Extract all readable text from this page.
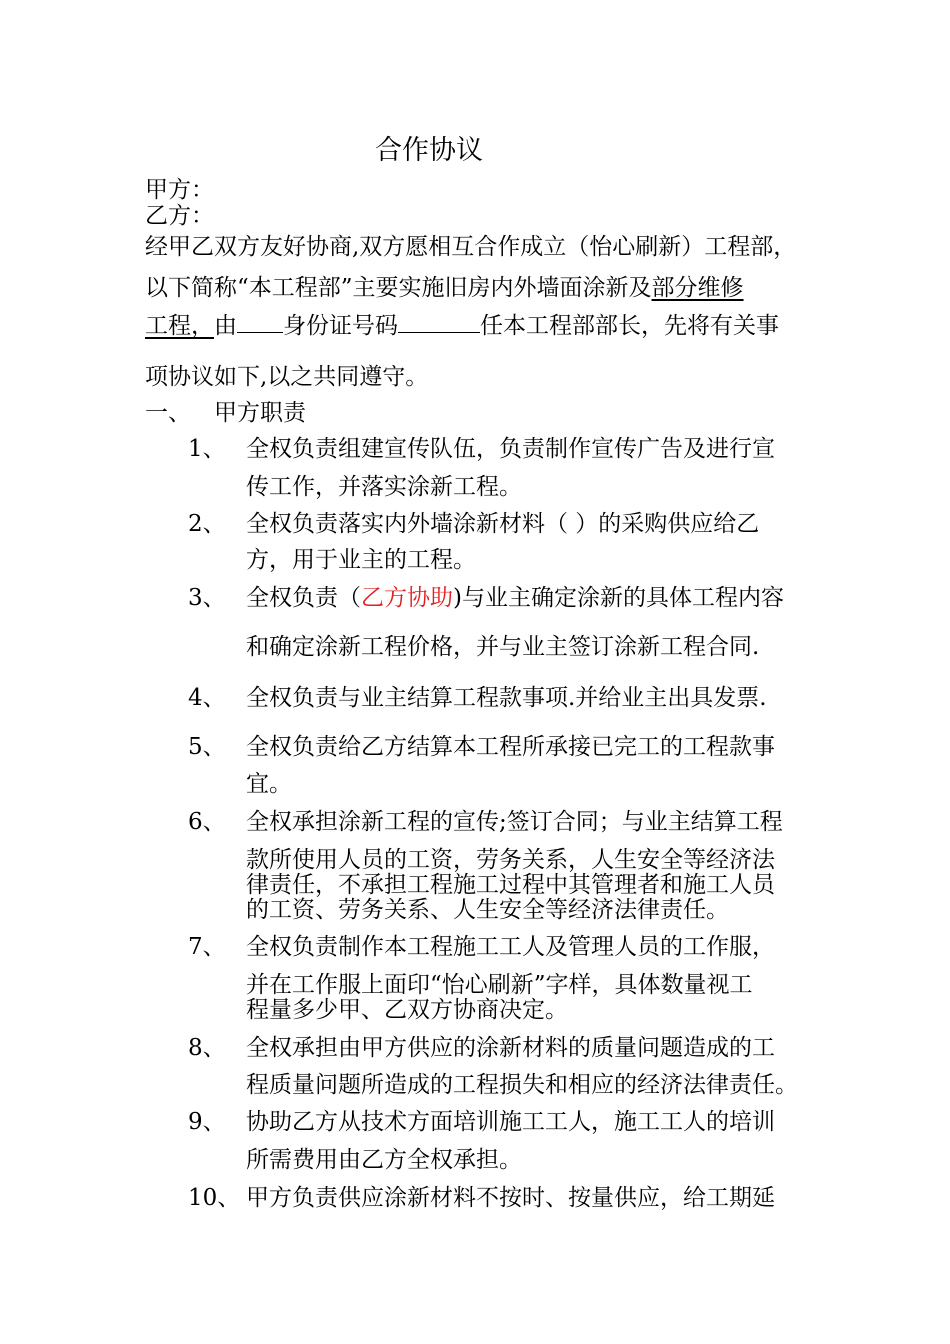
合作协议
甲方：
乙方：
经甲乙双方友好协商,双方愿相互合作成立（怡心刷新）工程部，
以下简称“本工程部”主要实施旧房内外墙面涂新及部分维修
工程，由 身份证号码	任本工程部部长，先将有关事
项协议如下,以之共同遵守。
一、 甲方职责
1、 全权负责组建宣传队伍，负责制作宣传广告及进行宣
传工作，并落实涂新工程。
2、 全权负责落实内外墙涂新材料（ ）的采购供应给乙
方，用于业主的工程。
3、 全权负责（乙方协助)与业主确定涂新的具体工程内容
和确定涂新工程价格，并与业主签订涂新工程合同.
4、 全权负责与业主结算工程款事项.并给业主出具发票.
5、 全权负责给乙方结算本工程所承接已完工的工程款事
宜。
6、 全权承担涂新工程的宣传;签订合同；与业主结算工程
款所使用人员的工资，劳务关系，人生安全等经济法
律责任，不承担工程施工过程中其管理者和施工人员
的工资、劳务关系、人生安全等经济法律责任。
7、 全权负责制作本工程施工工人及管理人员的工作服，
并在工作服上面印“怡心刷新”字样，具体数量视工
程量多少甲、乙双方协商决定。
8、 全权承担由甲方供应的涂新材料的质量问题造成的工
程质量问题所造成的工程损失和相应的经济法律责任。
9、 协助乙方从技术方面培训施工工人，施工工人的培训
所需费用由乙方全权承担。
10、 甲方负责供应涂新材料不按时、按量供应，给工期延
